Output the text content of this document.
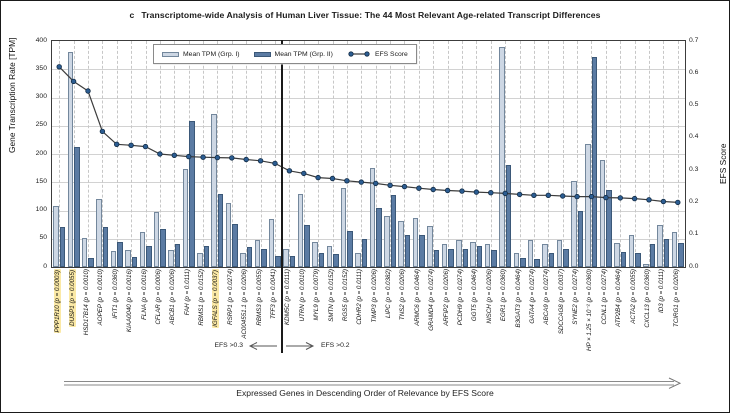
c Transcriptome-wide Analysis of Human Liver Tissue: The 44 Most Relevant Age-related Transcript Differences
Gene Transcription Rate [TPM]
EFS Score
0
50
100
150
200
250
300
350
400
0.0
0.1
0.2
0.3
0.4
0.5
0.6
0.7
PPP1R10 (p = 0.0003)	DUSP1 (p = 0.0055)	HSD17B14 (p = 0.0010)	AOPEP (p = 0.0010)	IFIT1 (p = 0.0360)	KIAA0040 (p = 0.0016)	FLNA (p = 0.0016)	CFLAR (p = 0.0006)	ABCB1 (p = 0.0206)	FAH (p = 0.0111)	RBMS1 (p = 0.0152)	IGFALS (p = 0.0037)	RSRP1 (p = 0.0274)	AC004551.1 (p = 0.0206)	RBMS3 (p = 0.0055)	TFF3 (p = 0.0041)	KDM5C (p = 0.0111)	UTRN (p = 0.0010)	MYL9 (p = 0.0079)	SMTN (p = 0.0152)	RGS5 (p = 0.0152)	CDHR2 (p = 0.0111)	TIMP3 (p = 0.0206)	LIPC (p = 0.0382)	TNS2 (p = 0.0206)	ARMC6 (p = 0.0464)	GRAMD4 (p = 0.0274)	ARFIP2 (p = 0.0206)	PCDH9 (p = 0.0274)	GGT5 (p = 0.0464)	NISCH (p = 0.0206)	EGR1 (p = 0.0360)	B3GAT3 (p = 0.0464)	GATA4 (p = 0.0274)	ABCA9 (p = 0.0274)	SDCCAG8 (p = 0.0037)	SYNE2 (p = 0.0274)	HP × 1.25 × 10⁻² (p = 0.0360)	CCNL1 (p = 0.0274)	ATP2B4 (p = 0.0464)	ACTA2 (p = 0.0055)	CXCL13 (p = 0.0360)	ID3 (p = 0.0111)	TCIRG1 (p = 0.0206)
EFS >0.3	EFS >0.2
Mean TPM (Grp. I)	Mean TPM (Grp. II)	EFS Score
Expressed Genes in Descending Order of Relevance by EFS Score
